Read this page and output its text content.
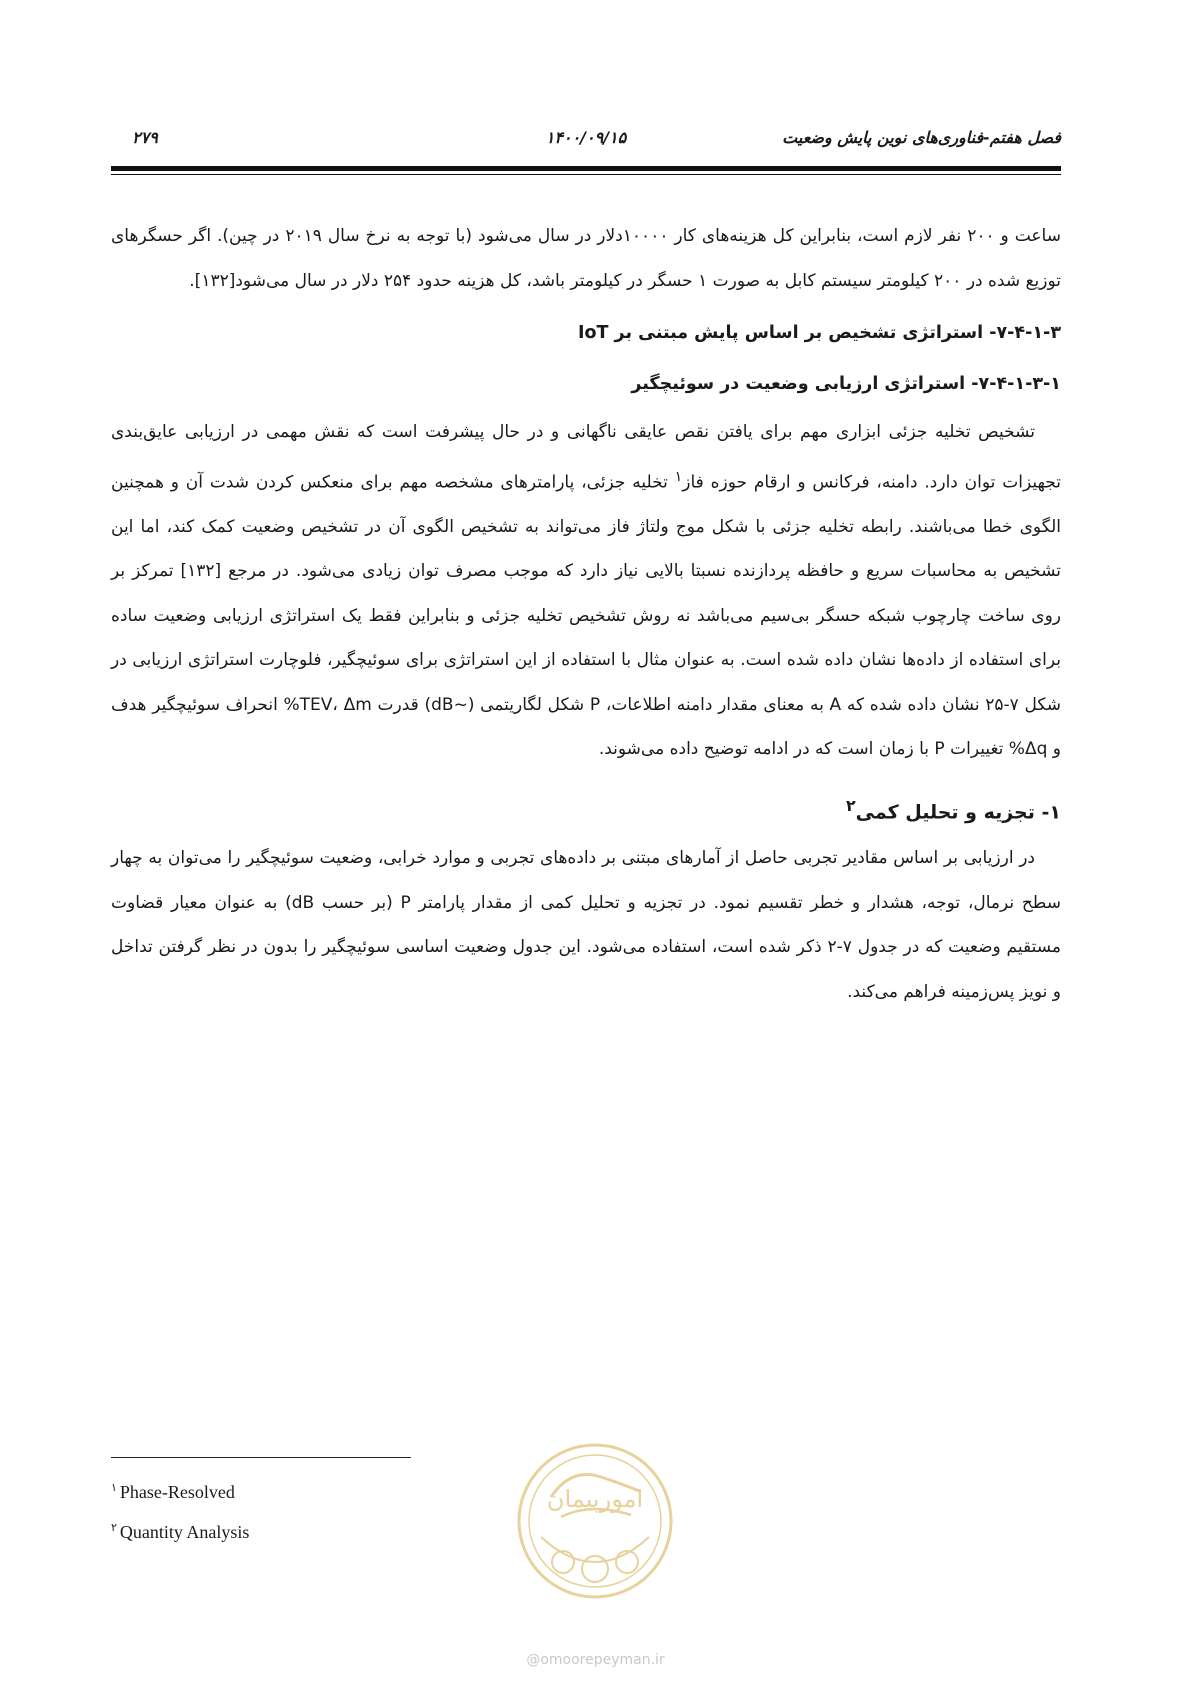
فصل هفتم-فناوری‌های نوین پایش وضعیت
۱۴۰۰/۰۹/۱۵
۲۷۹

ساعت و ۲۰۰ نفر لازم است، بنابراین کل هزینه‌های کار ۱۰۰۰۰دلار در سال می‌شود (با توجه به نرخ سال ۲۰۱۹ در چین). اگر حسگرهای توزیع شده در ۲۰۰ کیلومتر سیستم کابل به صورت ۱ حسگر در کیلومتر باشد، کل هزینه حدود ۲۵۴ دلار در سال می‌شود[۱۳۲].

۷-۴-۱-۳- استراتژی تشخیص بر اساس پایش مبتنی بر IoT

۷-۴-۱-۳-۱- استراتژی ارزیابی وضعیت در سوئیچگیر

تشخیص تخلیه جزئی ابزاری مهم برای یافتن نقص عایقی ناگهانی و در حال پیشرفت است که نقش مهمی در ارزیابی عایق‌بندی تجهیزات توان دارد. دامنه، فرکانس و ارقام حوزه فاز$^۱$ تخلیه جزئی، پارامترهای مشخصه مهم برای منعکس کردن شدت آن و همچنین الگوی خطا می‌باشند. رابطه تخلیه جزئی با شکل موج ولتاژ فاز می‌تواند به تشخیص الگوی آن در تشخیص وضعیت کمک کند، اما این تشخیص به محاسبات سریع و حافظه پردازنده نسبتا بالایی نیاز دارد که موجب مصرف توان زیادی می‌شود. در مرجع [۱۳۲] تمرکز بر روی ساخت چارچوب شبکه حسگر بی‌سیم می‌باشد نه روش تشخیص تخلیه جزئی و بنابراین فقط یک استراتژی ارزیابی وضعیت ساده برای استفاده از داده‌ها نشان داده شده است. به عنوان مثال با استفاده از این استراتژی برای سوئیچگیر، فلوچارت استراتژی ارزیابی در شکل ۷-۲۵ نشان داده شده که A به معنای مقدار دامنه اطلاعات، P شکل لگاریتمی (~dB) قدرت TEV، Δm% انحراف سوئیچگیر هدف و Δq% تغییرات P با زمان است که در ادامه توضیح داده می‌شوند.

۱- تجزیه و تحلیل کمی$^۲$

در ارزیابی بر اساس مقادیر تجربی حاصل از آمارهای مبتنی بر داده‌های تجربی و موارد خرابی، وضعیت سوئیچگیر را می‌توان به چهار سطح نرمال، توجه، هشدار و خطر تقسیم نمود. در تجزیه و تحلیل کمی از مقدار پارامتر P (بر حسب dB) به عنوان معیار قضاوت مستقیم وضعیت که در جدول ۷-۲ ذکر شده است، استفاده می‌شود. این جدول وضعیت اساسی سوئیچگیر را بدون در نظر گرفتن تداخل و نویز پس‌زمینه فراهم می‌کند.

$^۱$ Phase-Resolved
$^۲$ Quantity Analysis
امورپیمان
@omoorepeyman.ir
